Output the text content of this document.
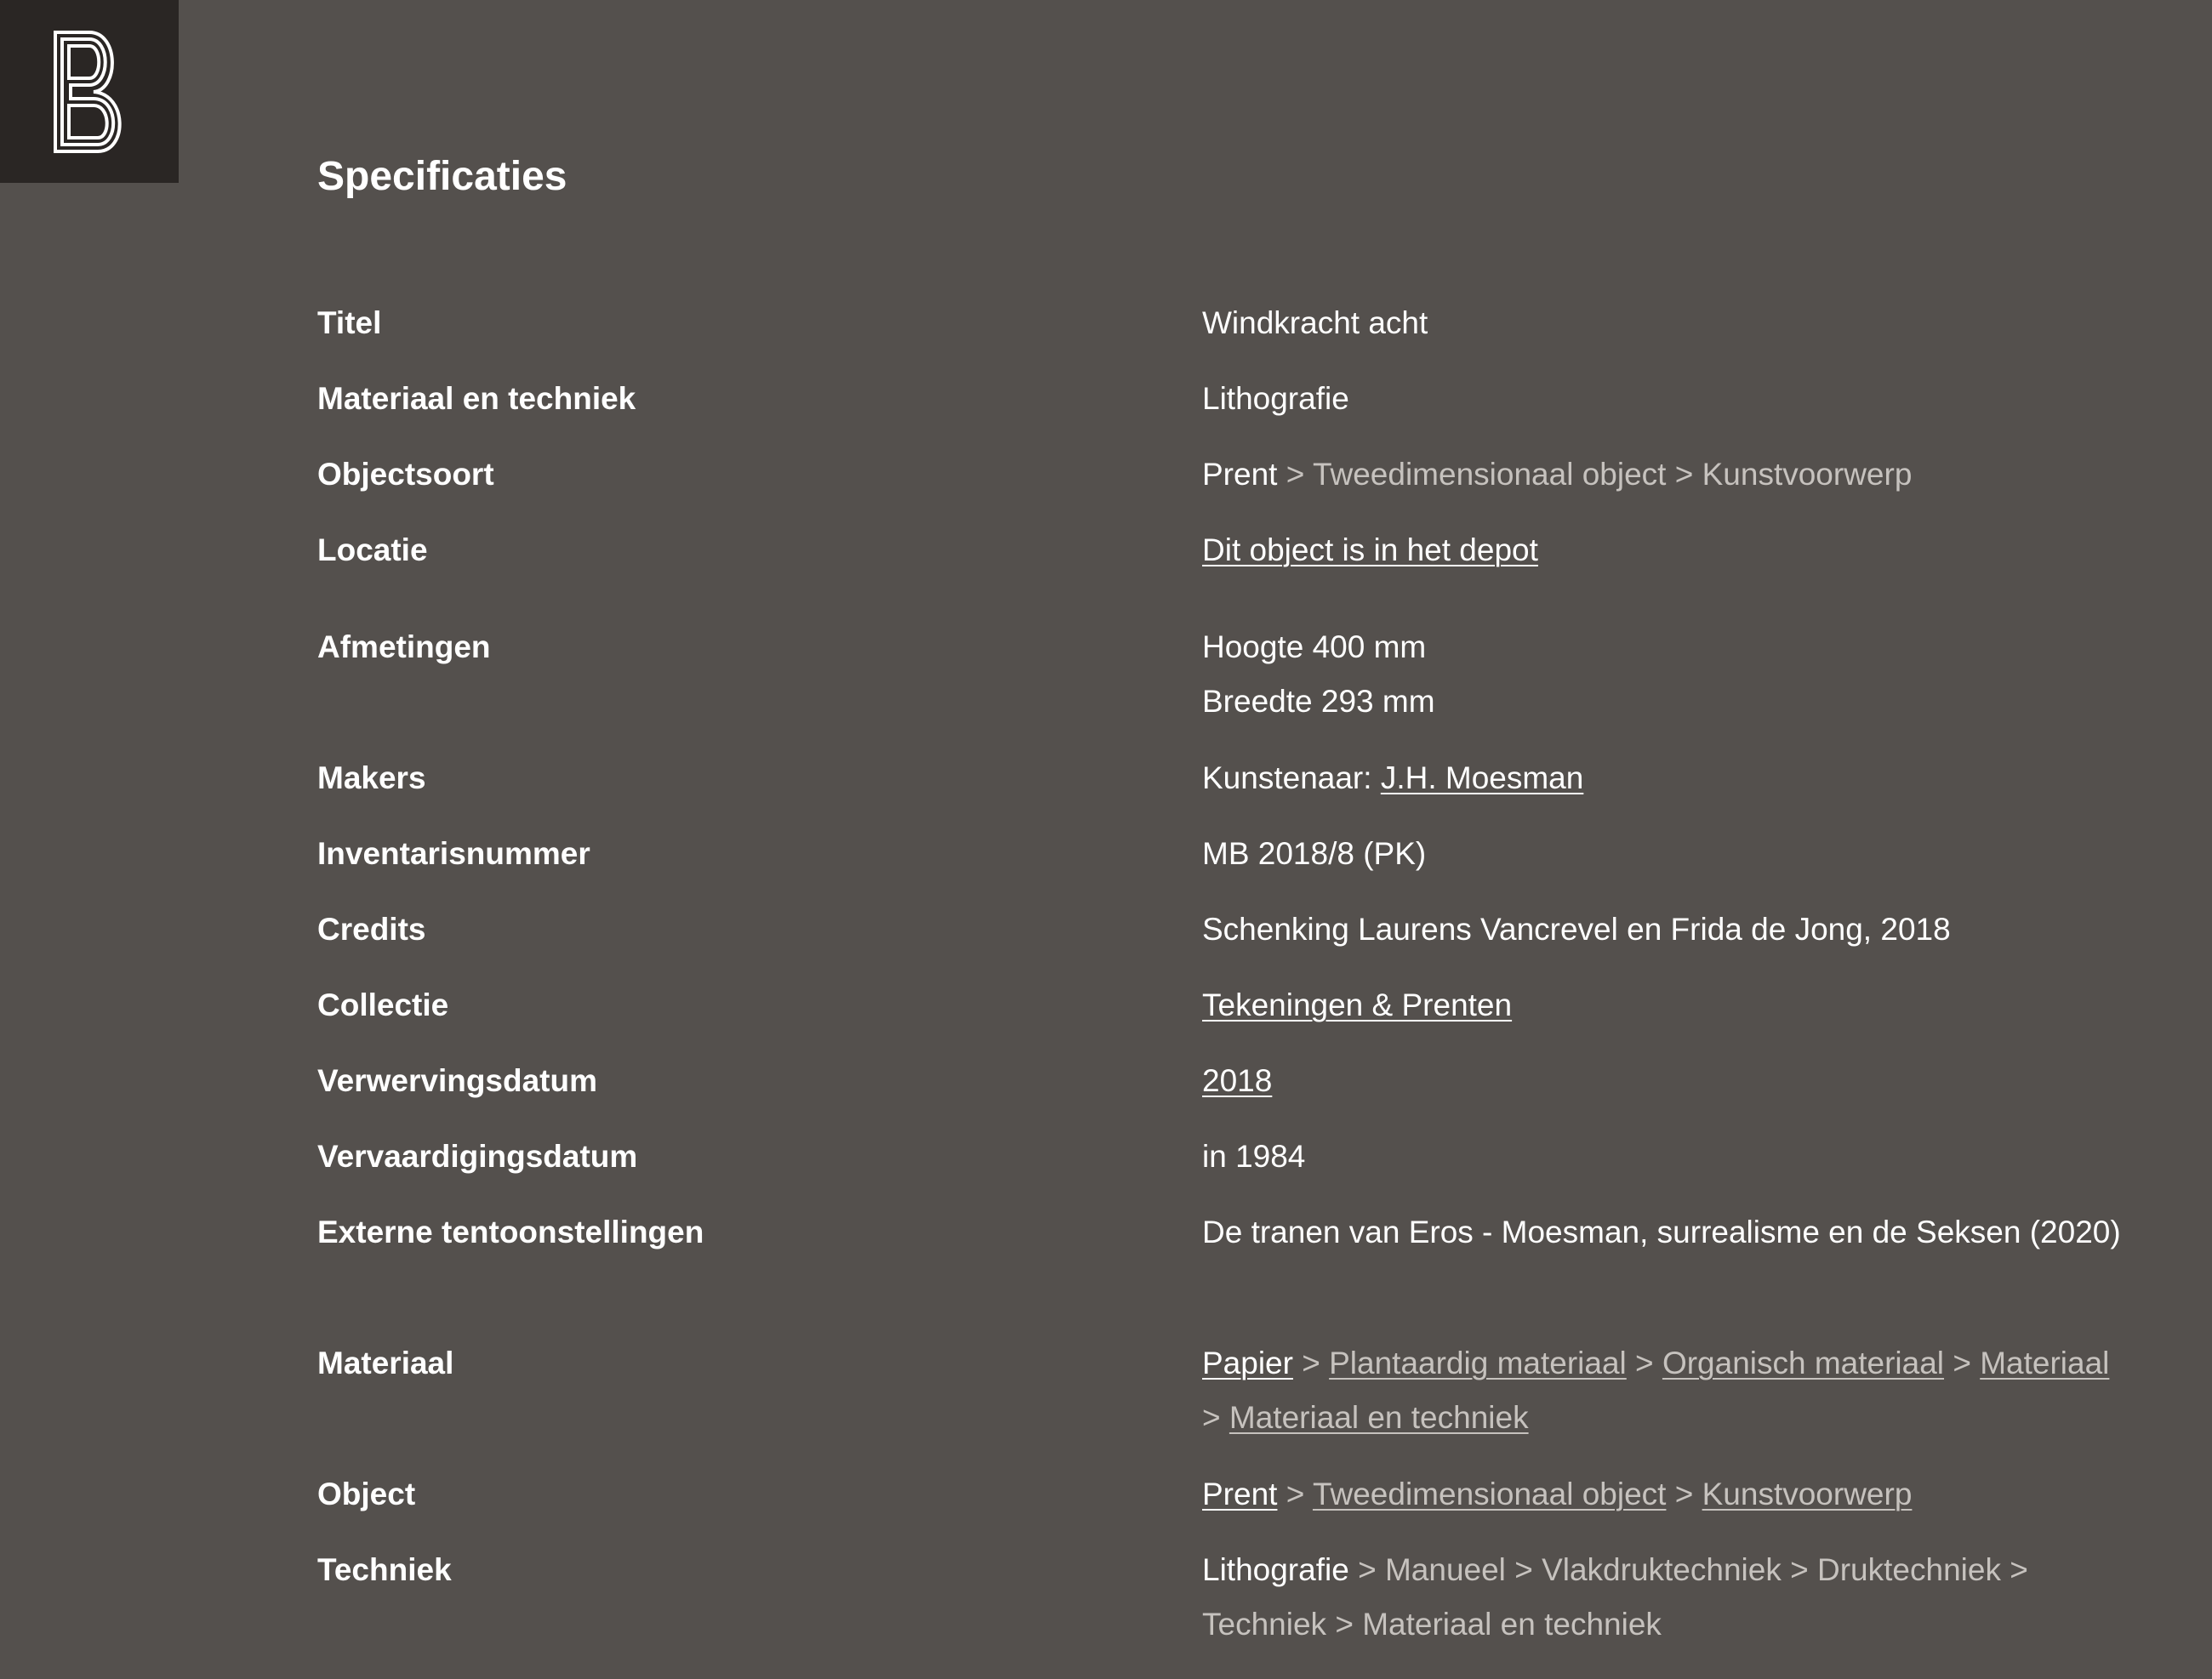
Specificaties
Titel	Windkracht acht
Materiaal en techniek	Lithografie
Objectsoort	Prent > Tweedimensionaal object > Kunstvoorwerp
Locatie	Dit object is in het depot
Afmetingen	Hoogte 400 mm
Breedte 293 mm
Makers	Kunstenaar: J.H. Moesman
Inventarisnummer	MB 2018/8 (PK)
Credits	Schenking Laurens Vancrevel en Frida de Jong, 2018
Collectie	Tekeningen & Prenten
Verwervingsdatum	2018
Vervaardigingsdatum	in 1984
Externe tentoonstellingen	De tranen van Eros - Moesman, surrealisme en de Seksen (2020)
Materiaal	Papier > Plantaardig materiaal > Organisch materiaal > Materiaal > Materiaal en techniek
Object	Prent > Tweedimensionaal object > Kunstvoorwerp
Techniek	Lithografie > Manueel > Vlakdruktechniek > Druktechniek > Techniek > Materiaal en techniek
